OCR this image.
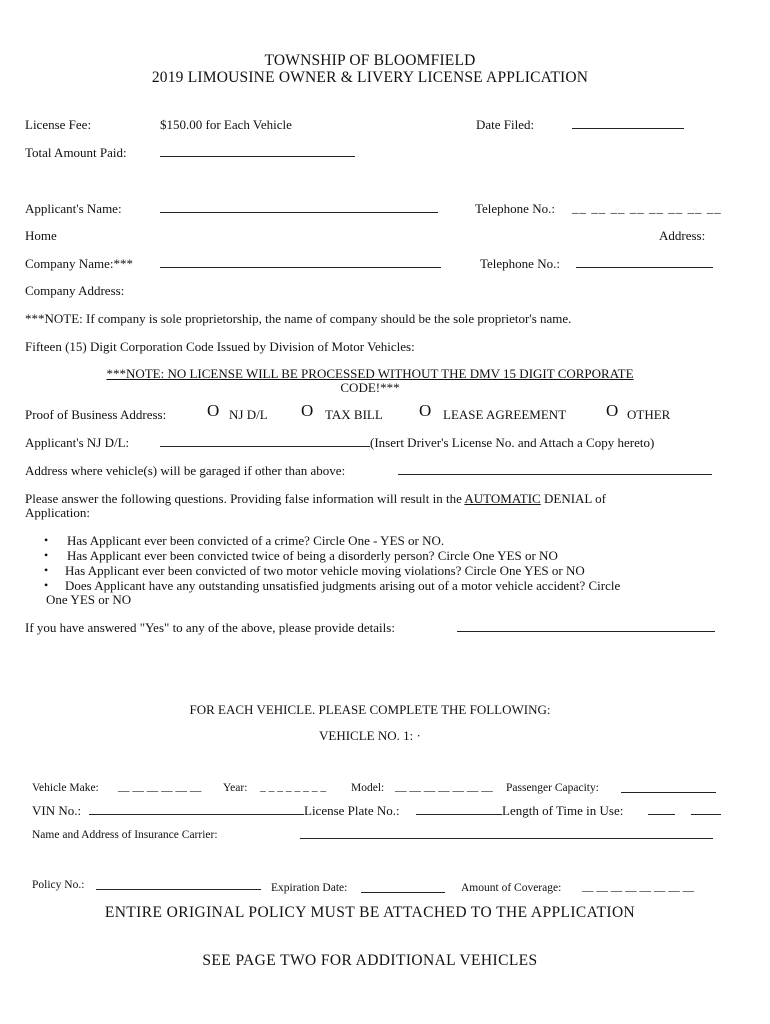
TOWNSHIP OF BLOOMFIELD
2019 LIMOUSINE OWNER & LIVERY LICENSE APPLICATION
License Fee:	$150.00 for Each Vehicle	Date Filed:
Total Amount Paid:
Applicant's Name:	Telephone No.: __ __ __ __ __ __ __ __
Home	Address:
Company Name:***	Telephone No.:
Company Address:
***NOTE: If company is sole proprietorship, the name of company should be the sole proprietor's name.
Fifteen (15) Digit Corporation Code Issued by Division of Motor Vehicles:
***NOTE: NO LICENSE WILL BE PROCESSED WITHOUT THE DMV 15 DIGIT CORPORATE
CODE!***
Proof of Business Address: O NJ D/L O TAX BILL O LEASE AGREEMENT O OTHER
Applicant's NJ D/L:	(Insert Driver's License No. and Attach a Copy hereto)
Address where vehicle(s) will be garaged if other than above:
Please answer the following questions. Providing false information will result in the AUTOMATIC DENIAL of
Application:
• Has Applicant ever been convicted of a crime? Circle One - YES or NO.
• Has Applicant ever been convicted twice of being a disorderly person? Circle One YES or NO
• Has Applicant ever been convicted of two motor vehicle moving violations? Circle One YES or NO
• Does Applicant have any outstanding unsatisfied judgments arising out of a motor vehicle accident? Circle
One YES or NO
If you have answered "Yes" to any of the above, please provide details:
FOR EACH VEHICLE. PLEASE COMPLETE THE FOLLOWING:
VEHICLE NO. 1: ·
Vehicle Make: __ __ __ __ __ __ Year: _ _ _ _ _ _ _ _ Model: __ __ __ __ __ __ __ Passenger Capacity:
VIN No.:	License Plate No.:	Length of Time in Use:
Name and Address of Insurance Carrier:
Policy No.:	Expiration Date:	Amount of Coverage: __ __ __ __ __ __ __ __
ENTIRE ORIGINAL POLICY MUST BE ATTACHED TO THE APPLICATION
SEE PAGE TWO FOR ADDITIONAL VEHICLES
